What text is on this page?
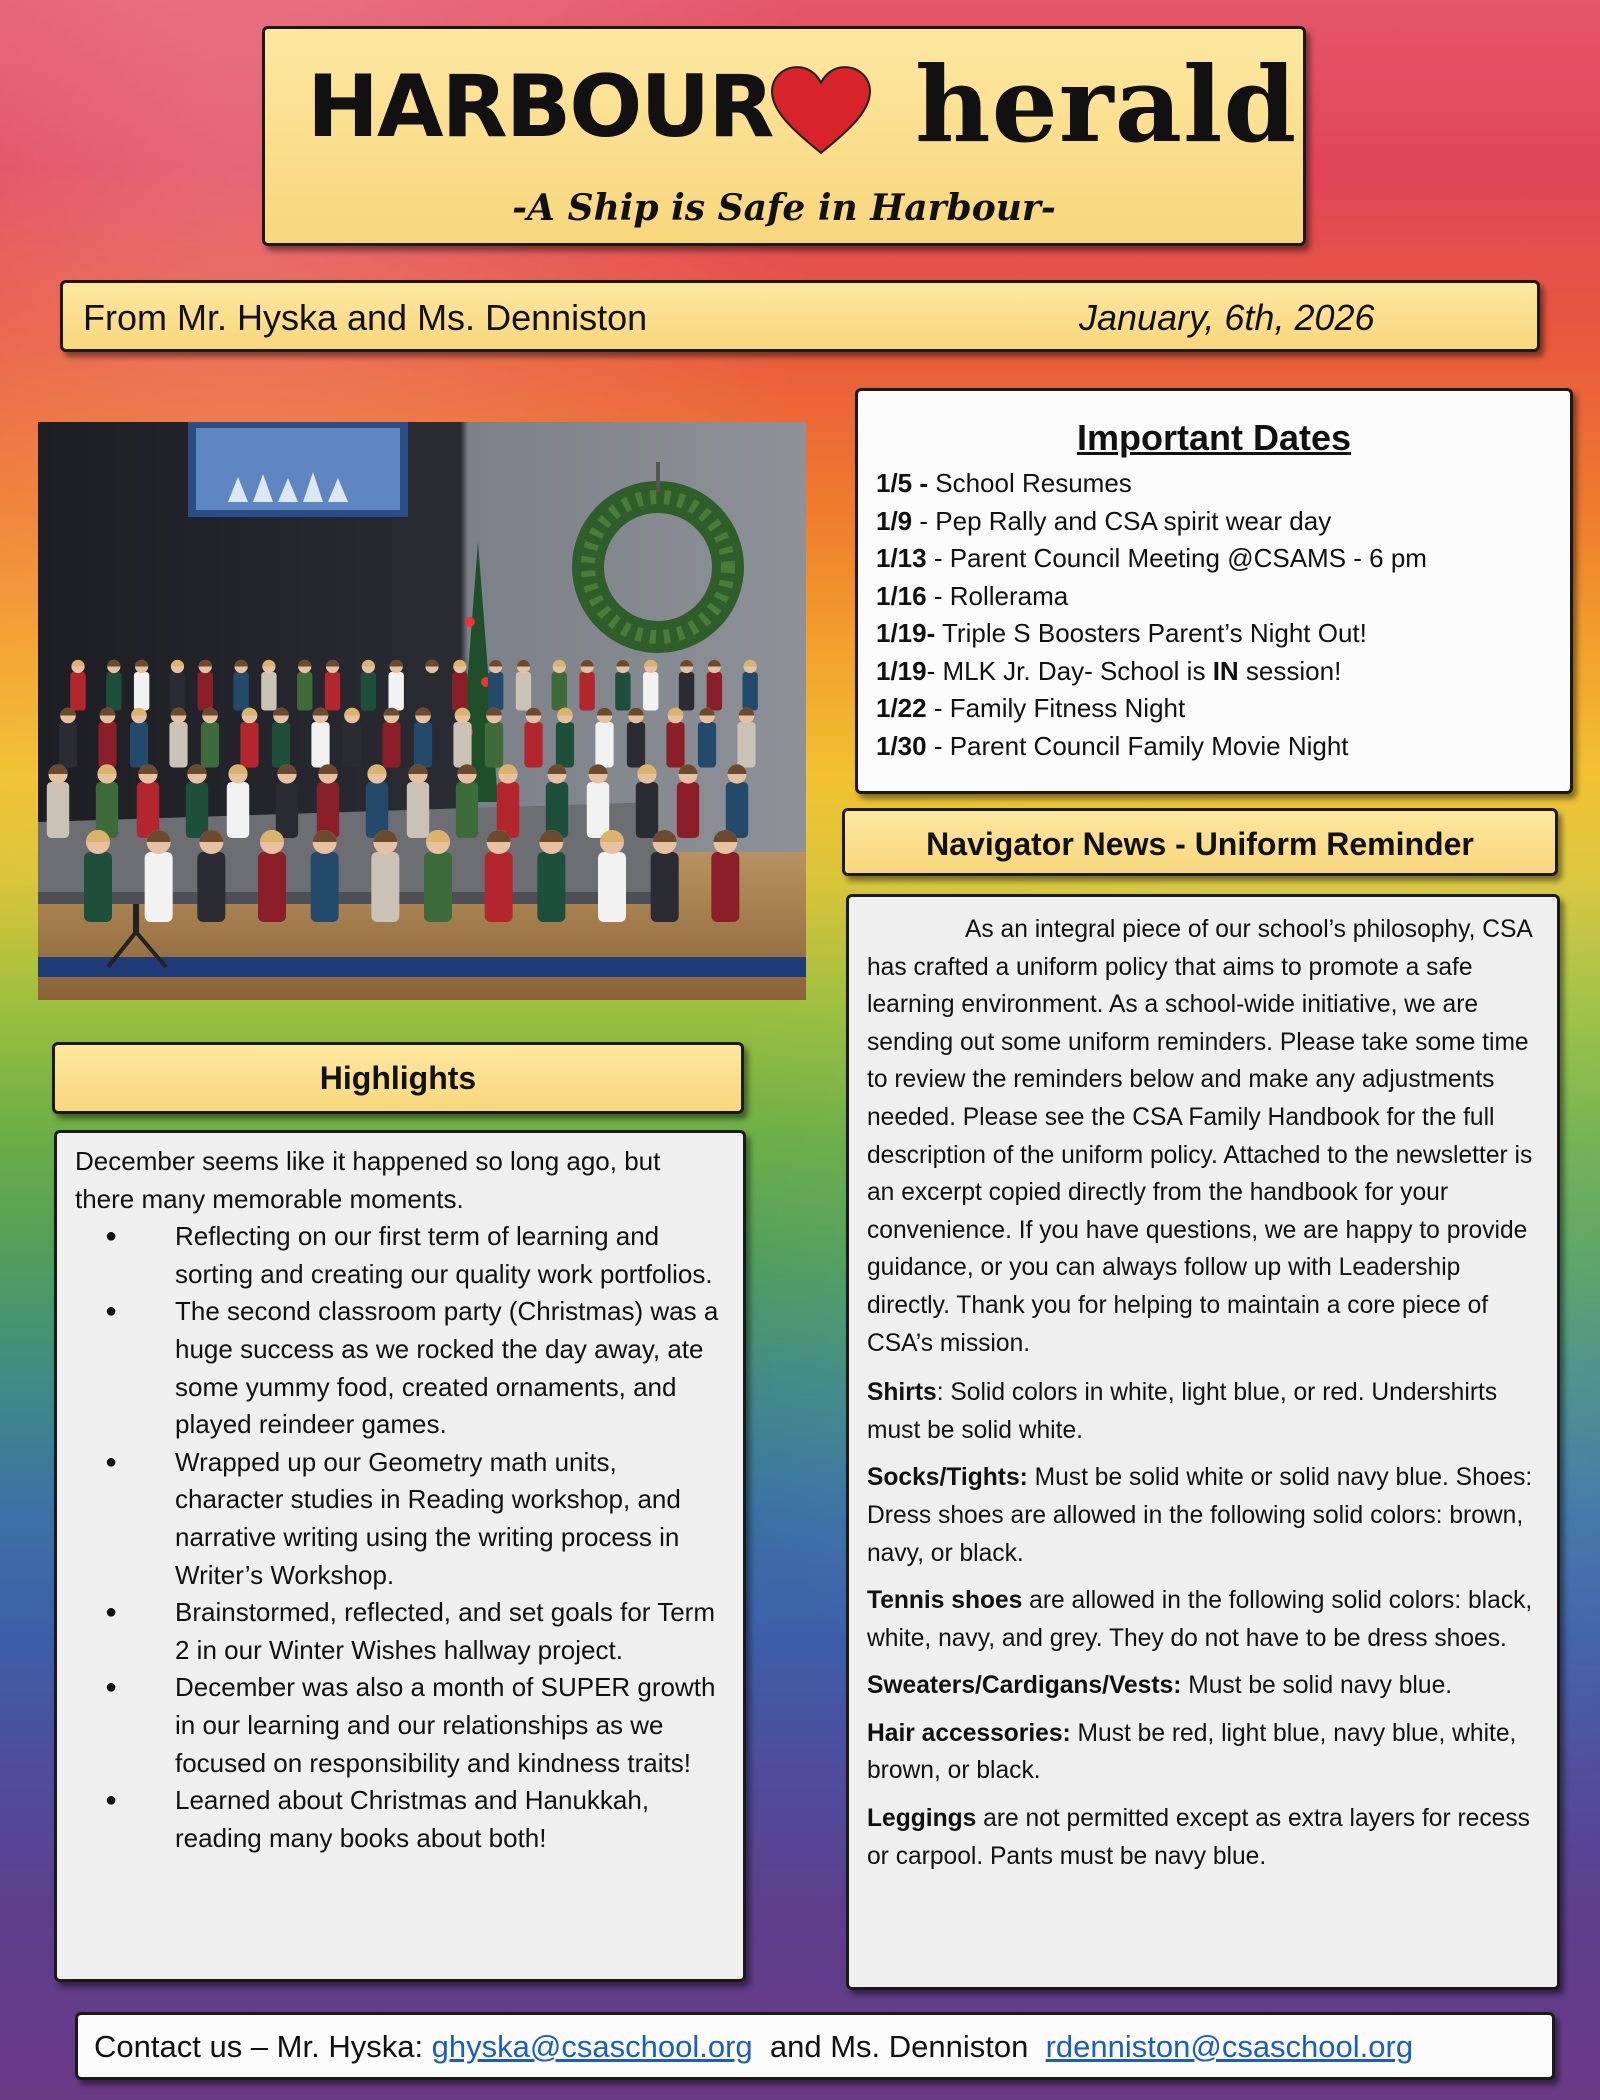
HARBOUR herald
-A Ship is Safe in Harbour-
From Mr. Hyska and Ms. Denniston	January, 6th, 2026
Important Dates
1/5 - School Resumes
1/9 - Pep Rally and CSA spirit wear day
1/13 - Parent Council Meeting @CSAMS - 6 pm
1/16 - Rollerama
1/19- Triple S Boosters Parent’s Night Out!
1/19- MLK Jr. Day- School is IN session!
1/22 - Family Fitness Night
1/30 - Parent Council Family Movie Night
Navigator News - Uniform Reminder

As an integral piece of our school’s philosophy, CSA has crafted a uniform policy that aims to promote a safe learning environment. As a school-wide initiative, we are sending out some uniform reminders. Please take some time to review the reminders below and make any adjustments needed. Please see the CSA Family Handbook for the full description of the uniform policy. Attached to the newsletter is an excerpt copied directly from the handbook for your convenience. If you have questions, we are happy to provide guidance, or you can always follow up with Leadership directly. Thank you for helping to maintain a core piece of CSA’s mission.

Shirts: Solid colors in white, light blue, or red. Undershirts must be solid white.

Socks/Tights: Must be solid white or solid navy blue. Shoes: Dress shoes are allowed in the following solid colors: brown, navy, or black.

Tennis shoes are allowed in the following solid colors: black, white, navy, and grey. They do not have to be dress shoes.

Sweaters/Cardigans/Vests: Must be solid navy blue.

Hair accessories: Must be red, light blue, navy blue, white, brown, or black.

Leggings are not permitted except as extra layers for recess or carpool. Pants must be navy blue.

Highlights

December seems like it happened so long ago, but there many memorable moments.

● Reflecting on our first term of learning and sorting and creating our quality work portfolios.
● The second classroom party (Christmas) was a huge success as we rocked the day away, ate some yummy food, created ornaments, and played reindeer games.
● Wrapped up our Geometry math units, character studies in Reading workshop, and narrative writing using the writing process in Writer’s Workshop.
● Brainstormed, reflected, and set goals for Term 2 in our Winter Wishes hallway project.
● December was also a month of SUPER growth in our learning and our relationships as we focused on responsibility and kindness traits!
● Learned about Christmas and Hanukkah, reading many books about both!
Contact us – Mr. Hyska: ghyska@csaschool.org  and Ms. Denniston  rdenniston@csaschool.org
